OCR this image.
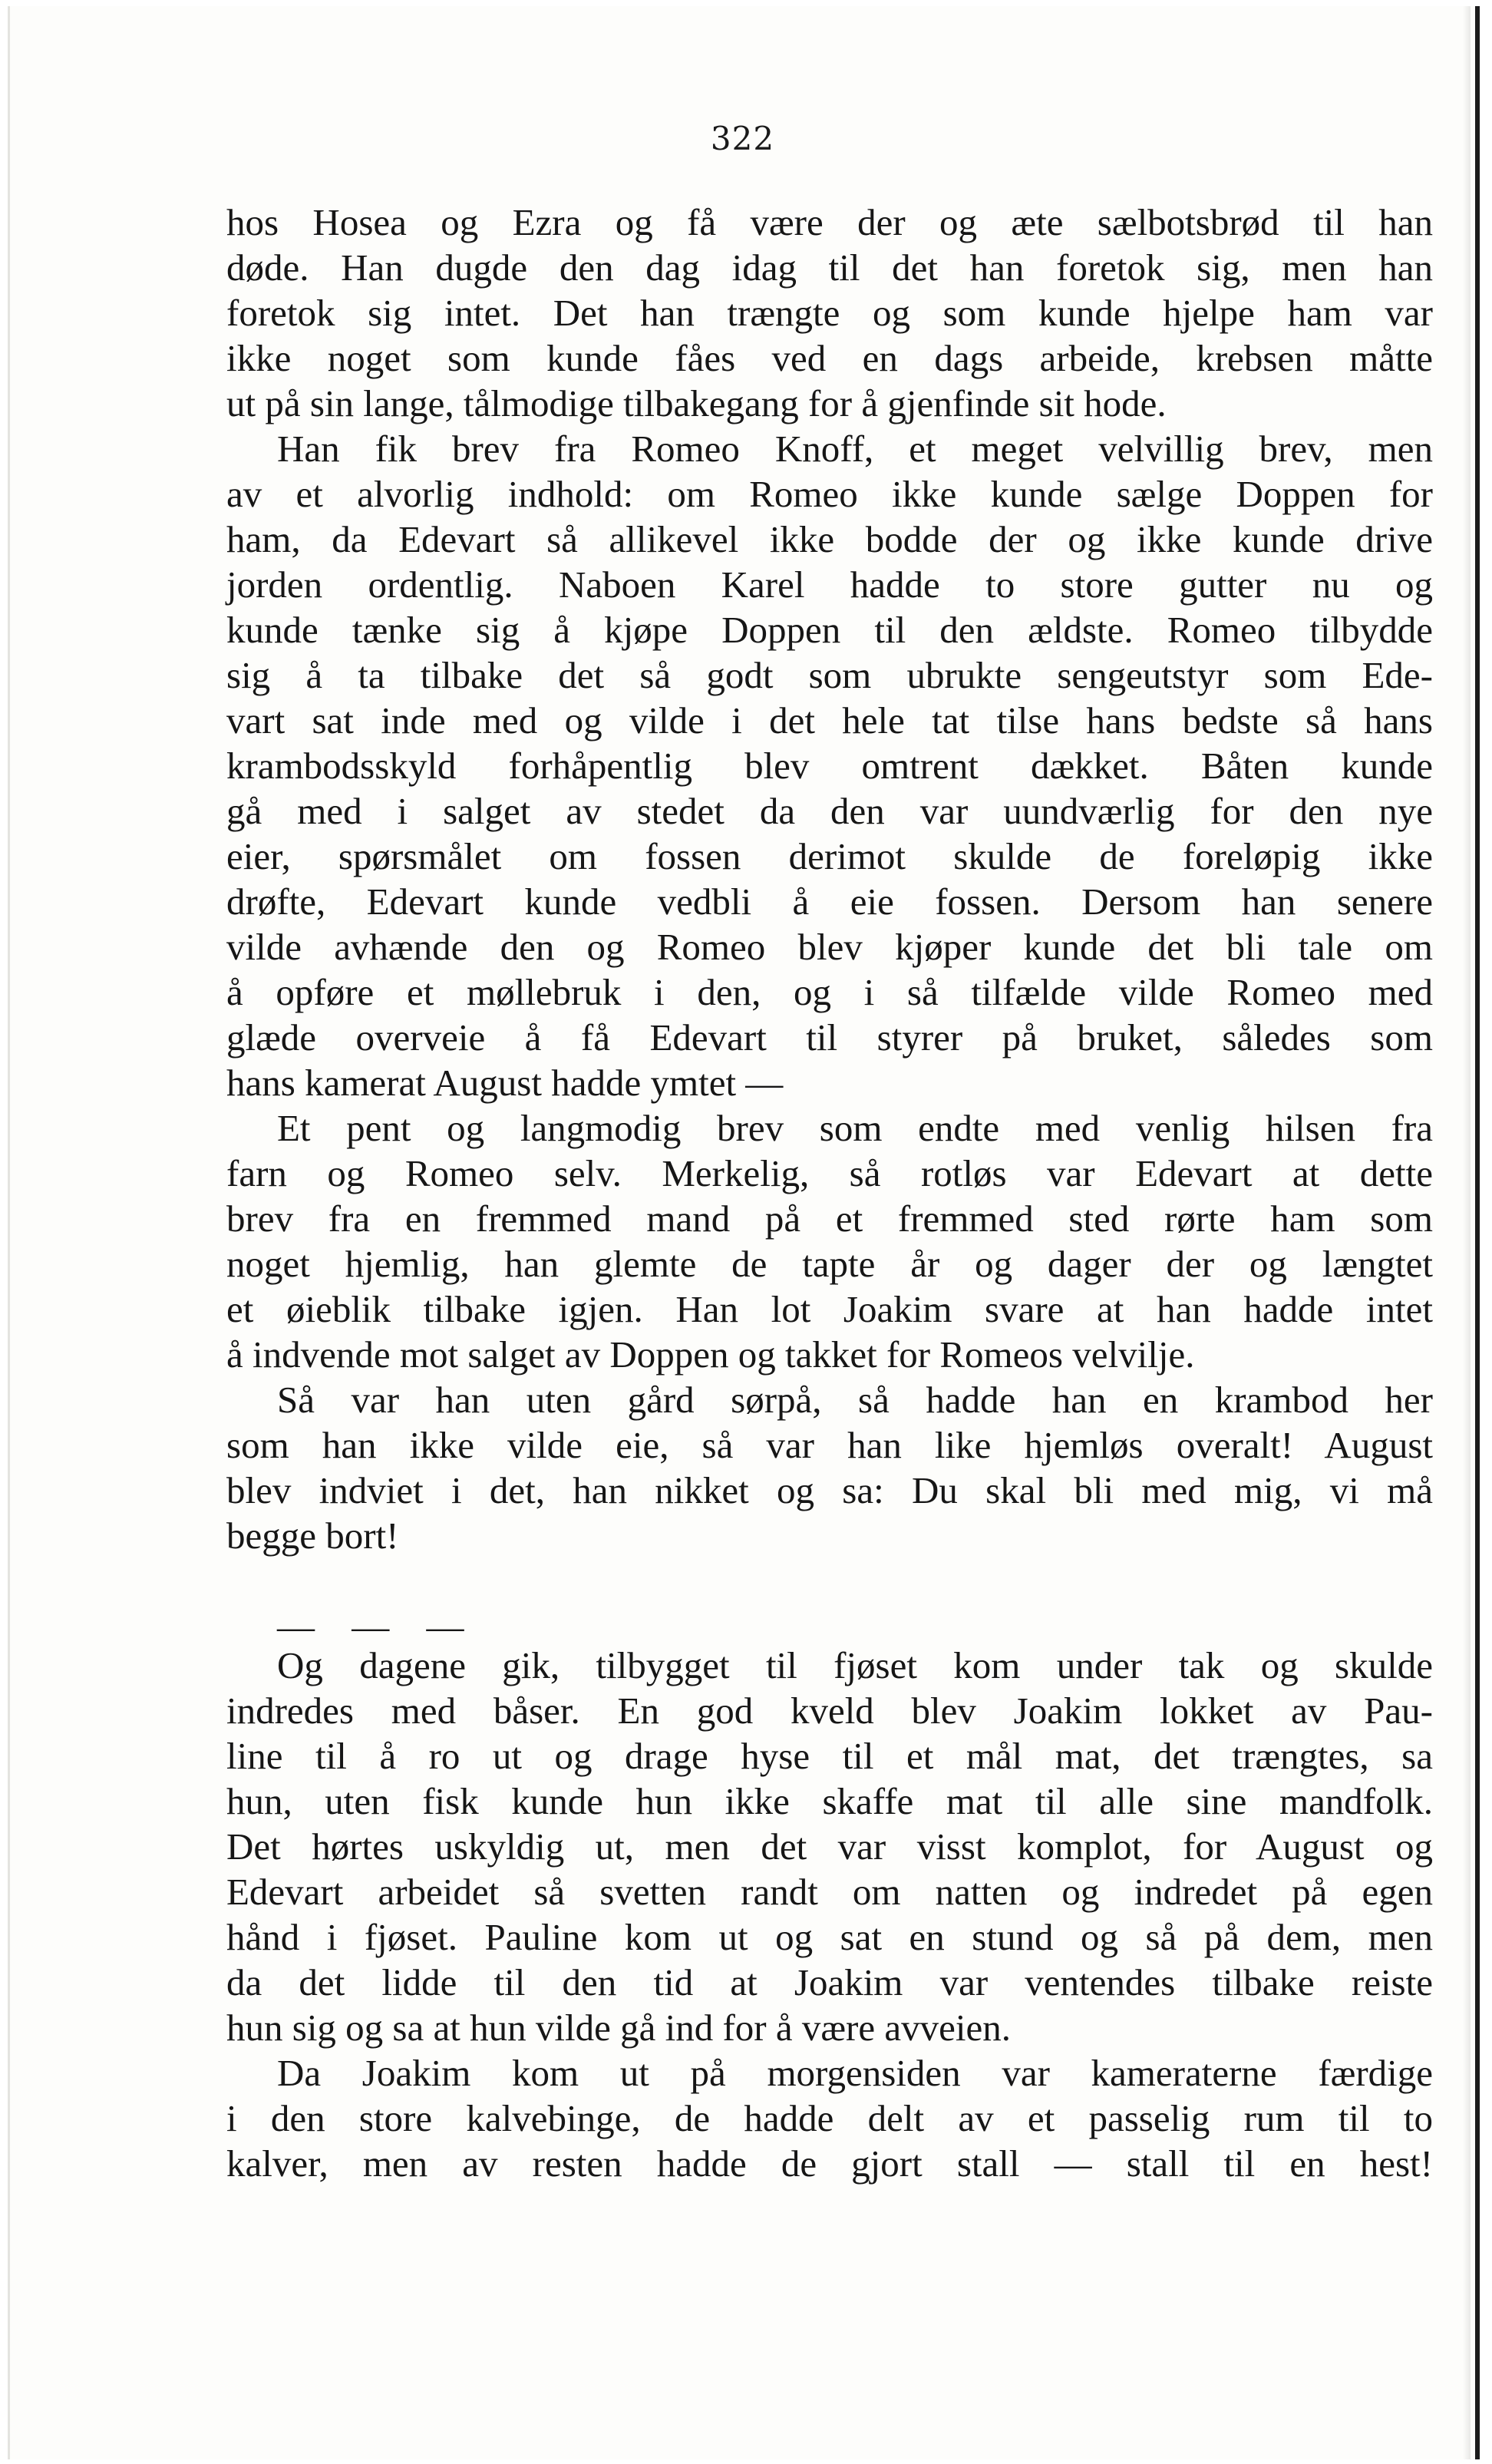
322
hos Hosea og Ezra og få være der og æte sælbotsbrød til han
døde. Han dugde den dag idag til det han foretok sig, men han
foretok sig intet. Det han trængte og som kunde hjelpe ham var
ikke noget som kunde fåes ved en dags arbeide, krebsen måtte
ut på sin lange, tålmodige tilbakegang for å gjenfinde sit hode.
Han fik brev fra Romeo Knoff, et meget velvillig brev, men
av et alvorlig indhold: om Romeo ikke kunde sælge Doppen for
ham, da Edevart så allikevel ikke bodde der og ikke kunde drive
jorden ordentlig. Naboen Karel hadde to store gutter nu og
kunde tænke sig å kjøpe Doppen til den ældste. Romeo tilbydde
sig å ta tilbake det så godt som ubrukte sengeutstyr som Ede-
vart sat inde med og vilde i det hele tat tilse hans bedste så hans
krambodsskyld forhåpentlig blev omtrent dækket. Båten kunde
gå med i salget av stedet da den var uundværlig for den nye
eier, spørsmålet om fossen derimot skulde de foreløpig ikke
drøfte, Edevart kunde vedbli å eie fossen. Dersom han senere
vilde avhænde den og Romeo blev kjøper kunde det bli tale om
å opføre et møllebruk i den, og i så tilfælde vilde Romeo med
glæde overveie å få Edevart til styrer på bruket, således som
hans kamerat August hadde ymtet —
Et pent og langmodig brev som endte med venlig hilsen fra
farn og Romeo selv. Merkelig, så rotløs var Edevart at dette
brev fra en fremmed mand på et fremmed sted rørte ham som
noget hjemlig, han glemte de tapte år og dager der og længtet
et øieblik tilbake igjen. Han lot Joakim svare at han hadde intet
å indvende mot salget av Doppen og takket for Romeos velvilje.
Så var han uten gård sørpå, så hadde han en krambod her
som han ikke vilde eie, så var han like hjemløs overalt! August
blev indviet i det, han nikket og sa: Du skal bli med mig, vi må
begge bort!
— — —
Og dagene gik, tilbygget til fjøset kom under tak og skulde
indredes med båser. En god kveld blev Joakim lokket av Pau-
line til å ro ut og drage hyse til et mål mat, det trængtes, sa
hun, uten fisk kunde hun ikke skaffe mat til alle sine mandfolk.
Det hørtes uskyldig ut, men det var visst komplot, for August og
Edevart arbeidet så svetten randt om natten og indredet på egen
hånd i fjøset. Pauline kom ut og sat en stund og så på dem, men
da det lidde til den tid at Joakim var ventendes tilbake reiste
hun sig og sa at hun vilde gå ind for å være avveien.
Da Joakim kom ut på morgensiden var kameraterne færdige
i den store kalvebinge, de hadde delt av et passelig rum til to
kalver, men av resten hadde de gjort stall — stall til en hest!
